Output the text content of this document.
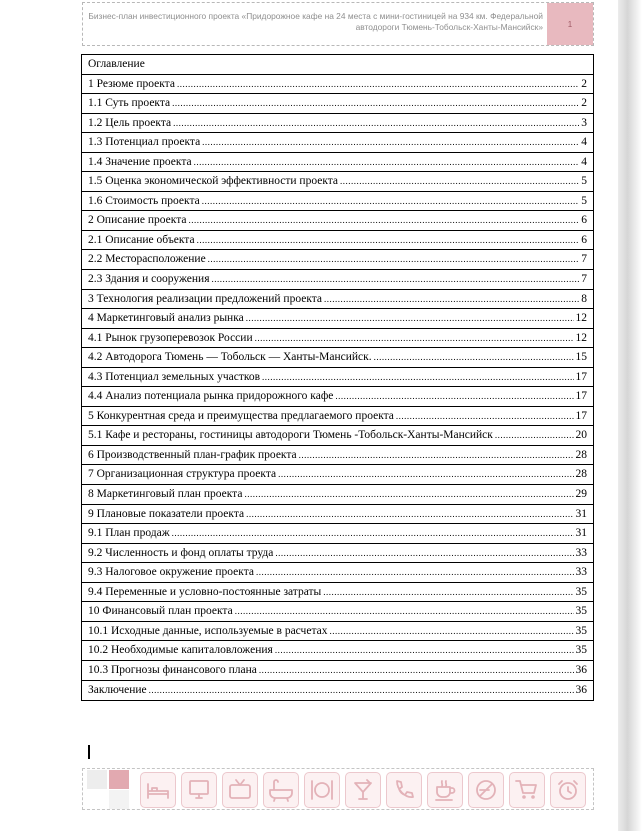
Бизнес-план инвестиционного проекта «Придорожное кафе на 24 места с мини-гостиницей на 934 км. Федеральной автодороги Тюмень-Тобольск-Ханты-Мансийск»	1
Оглавление
1 Резюме проекта .....	2
1.1 Суть проекта .....	2
1.2 Цель проекта .....	3
1.3 Потенциал проекта .....	4
1.4 Значение проекта .....	4
1.5 Оценка экономической эффективности проекта .....	5
1.6 Стоимость проекта .....	5
2 Описание проекта .....	6
2.1 Описание объекта .....	6
2.2 Месторасположение .....	7
2.3 Здания и сооружения .....	7
3 Технология реализации предложений проекта .....	8
4 Маркетинговый анализ рынка .....	12
4.1 Рынок грузоперевозок России .....	12
4.2 Автодорога Тюмень — Тобольск — Ханты-Мансийск. .....	15
4.3 Потенциал земельных участков .....	17
4.4 Анализ потенциала рынка придорожного кафе .....	17
5 Конкурентная среда и преимущества предлагаемого проекта .....	17
5.1 Кафе и рестораны, гостиницы автодороги Тюмень -Тобольск-Ханты-Мансийск .....	20
6 Производственный план-график проекта .....	28
7 Организационная структура проекта .....	28
8 Маркетинговый план проекта .....	29
9 Плановые показатели проекта .....	31
9.1 План продаж .....	31
9.2 Численность и фонд оплаты труда .....	33
9.3 Налоговое окружение проекта .....	33
9.4 Переменные и условно-постоянные затраты .....	35
10 Финансовый план проекта .....	35
10.1 Исходные данные, используемые в расчетах .....	35
10.2 Необходимые капиталовложения .....	35
10.3 Прогнозы финансового плана .....	36
Заключение .....	36
